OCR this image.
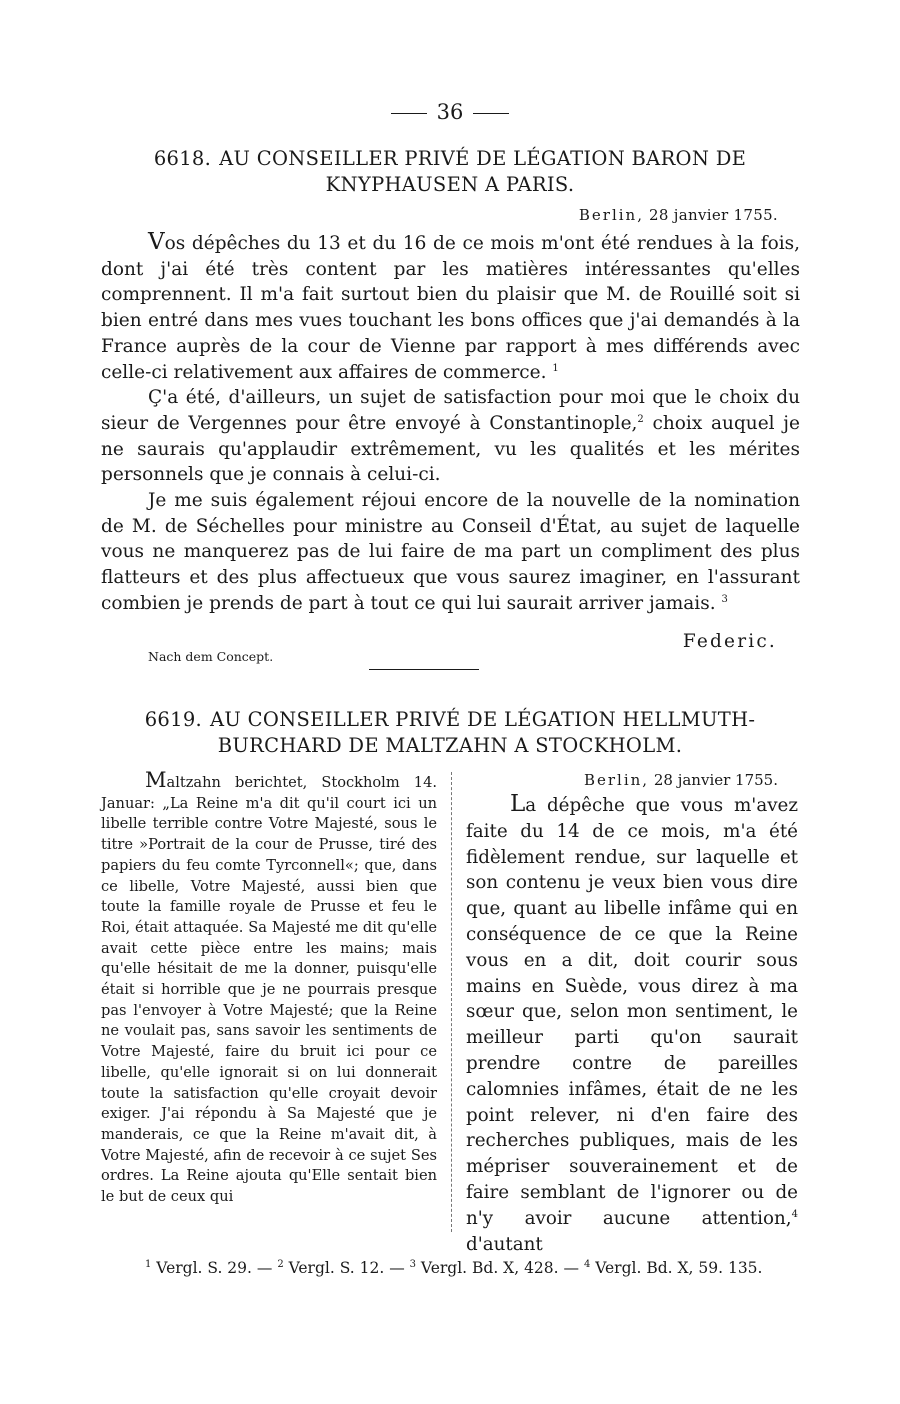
36
6618. AU CONSEILLER PRIVÉ DE LÉGATION BARON DE
KNYPHAUSEN A PARIS.
Berlin, 28 janvier 1755.

Vos dépêches du 13 et du 16 de ce mois m'ont été rendues à la fois, dont j'ai été très content par les matières intéressantes qu'elles comprennent. Il m'a fait surtout bien du plaisir que M. de Rouillé soit si bien entré dans mes vues touchant les bons offices que j'ai demandés à la France auprès de la cour de Vienne par rapport à mes différends avec celle-ci relativement aux affaires de commerce. $^1$

Ç'a été, d'ailleurs, un sujet de satisfaction pour moi que le choix du sieur de Vergennes pour être envoyé à Constantinople,$^2$ choix auquel je ne saurais qu'applaudir extrêmement, vu les qualités et les mérites personnels que je connais à celui-ci.

Je me suis également réjoui encore de la nouvelle de la nomination de M. de Séchelles pour ministre au Conseil d'État, au sujet de laquelle vous ne manquerez pas de lui faire de ma part un compliment des plus flatteurs et des plus affectueux que vous saurez imaginer, en l'assurant combien je prends de part à tout ce qui lui saurait arriver jamais. $^3$

Federic.
Nach dem Concept.
6619. AU CONSEILLER PRIVÉ DE LÉGATION HELLMUTH-
BURCHARD DE MALTZAHN A STOCKHOLM.

Maltzahn berichtet, Stockholm 14. Januar: „La Reine m'a dit qu'il court ici un libelle terrible contre Votre Majesté, sous le titre »Portrait de la cour de Prusse, tiré des papiers du feu comte Tyrconnell«; que, dans ce libelle, Votre Majesté, aussi bien que toute la famille royale de Prusse et feu le Roi, était attaquée. Sa Majesté me dit qu'elle avait cette pièce entre les mains; mais qu'elle hésitait de me la donner, puisqu'elle était si horrible que je ne pourrais presque pas l'envoyer à Votre Majesté; que la Reine ne voulait pas, sans savoir les sentiments de Votre Majesté, faire du bruit ici pour ce libelle, qu'elle ignorait si on lui donnerait toute la satisfaction qu'elle croyait devoir exiger. J'ai répondu à Sa Majesté que je manderais, ce que la Reine m'avait dit, à Votre Majesté, afin de recevoir à ce sujet Ses ordres. La Reine ajouta qu'Elle sentait bien le but de ceux qui

Berlin, 28 janvier 1755.

La dépêche que vous m'avez faite du 14 de ce mois, m'a été fidèlement rendue, sur laquelle et son contenu je veux bien vous dire que, quant au libelle infâme qui en conséquence de ce que la Reine vous en a dit, doit courir sous mains en Suède, vous direz à ma sœur que, selon mon sentiment, le meilleur parti qu'on saurait prendre contre de pareilles calomnies infâmes, était de ne les point relever, ni d'en faire des recherches publiques, mais de les mépriser souverainement et de faire semblant de l'ignorer ou de n'y avoir aucune attention,$^4$ d'autant

$^1$ Vergl. S. 29. — $^2$ Vergl. S. 12. — $^3$ Vergl. Bd. X, 428. — $^4$ Vergl. Bd. X, 59. 135.
